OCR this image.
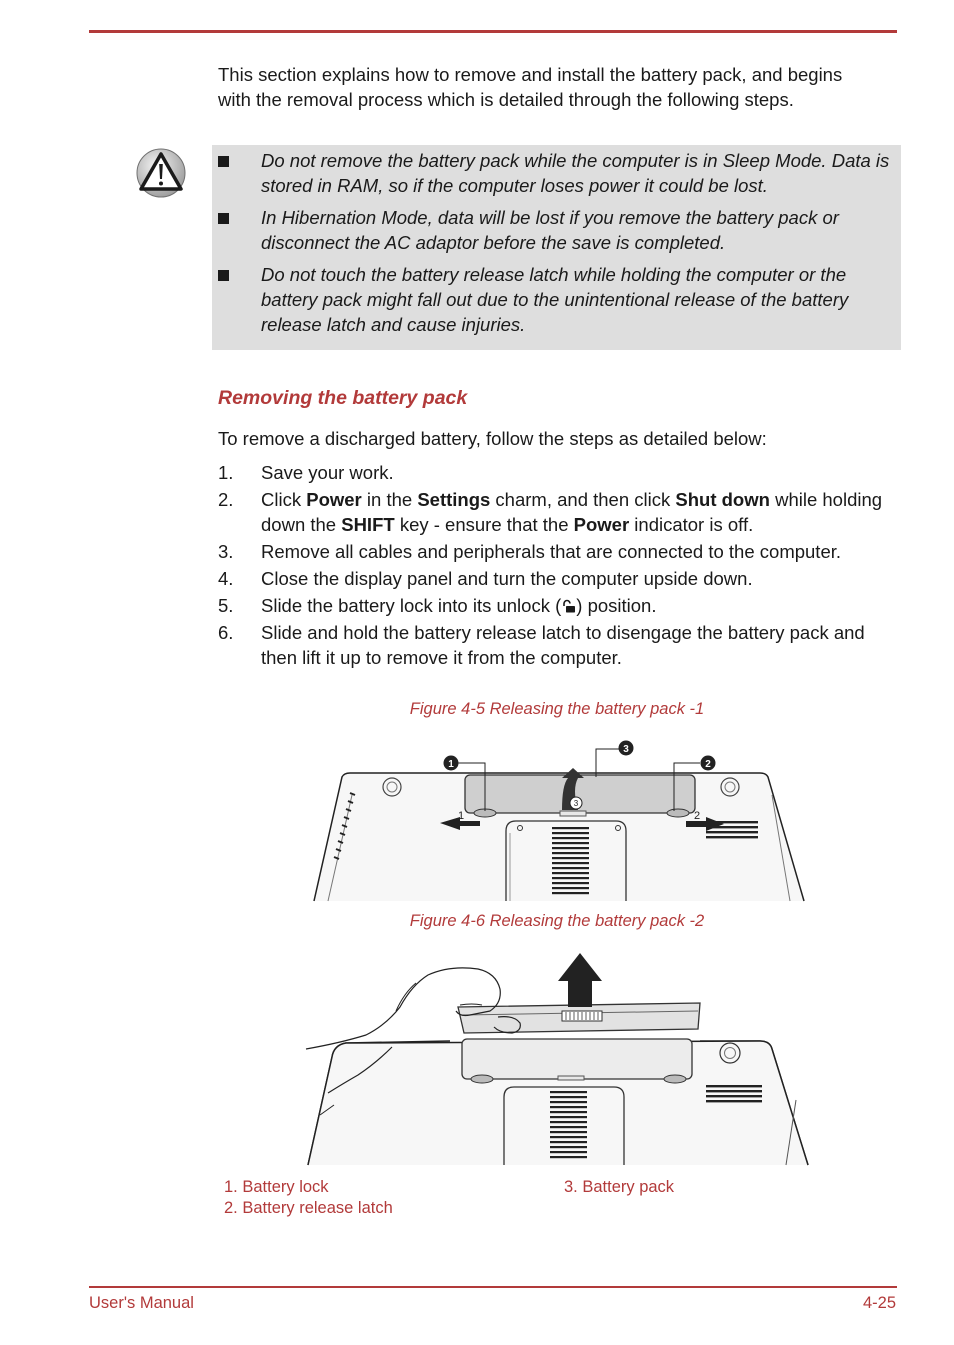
This section explains how to remove and install the battery pack, and begins with the removal process which is detailed through the following steps.

Do not remove the battery pack while the computer is in Sleep Mode. Data is stored in RAM, so if the computer loses power it could be lost.
In Hibernation Mode, data will be lost if you remove the battery pack or disconnect the AC adaptor before the save is completed.
Do not touch the battery release latch while holding the computer or the battery pack might fall out due to the unintentional release of the battery release latch and cause injuries.
Removing the battery pack

To remove a discharged battery, follow the steps as detailed below:

1. Save your work.
2. Click Power in the Settings charm, and then click Shut down while holding down the SHIFT key - ensure that the Power indicator is off.
3. Remove all cables and peripherals that are connected to the computer.
4. Close the display panel and turn the computer upside down.
5. Slide the battery lock into its unlock ( ) position.
6. Slide and hold the battery release latch to disengage the battery pack and then lift it up to remove it from the computer.

Figure 4-5 Releasing the battery pack -1

1	2
3
1
3
2

Figure 4-6 Releasing the battery pack -2

1. Battery lock
2. Battery release latch
3. Battery pack
User's Manual	4-25
